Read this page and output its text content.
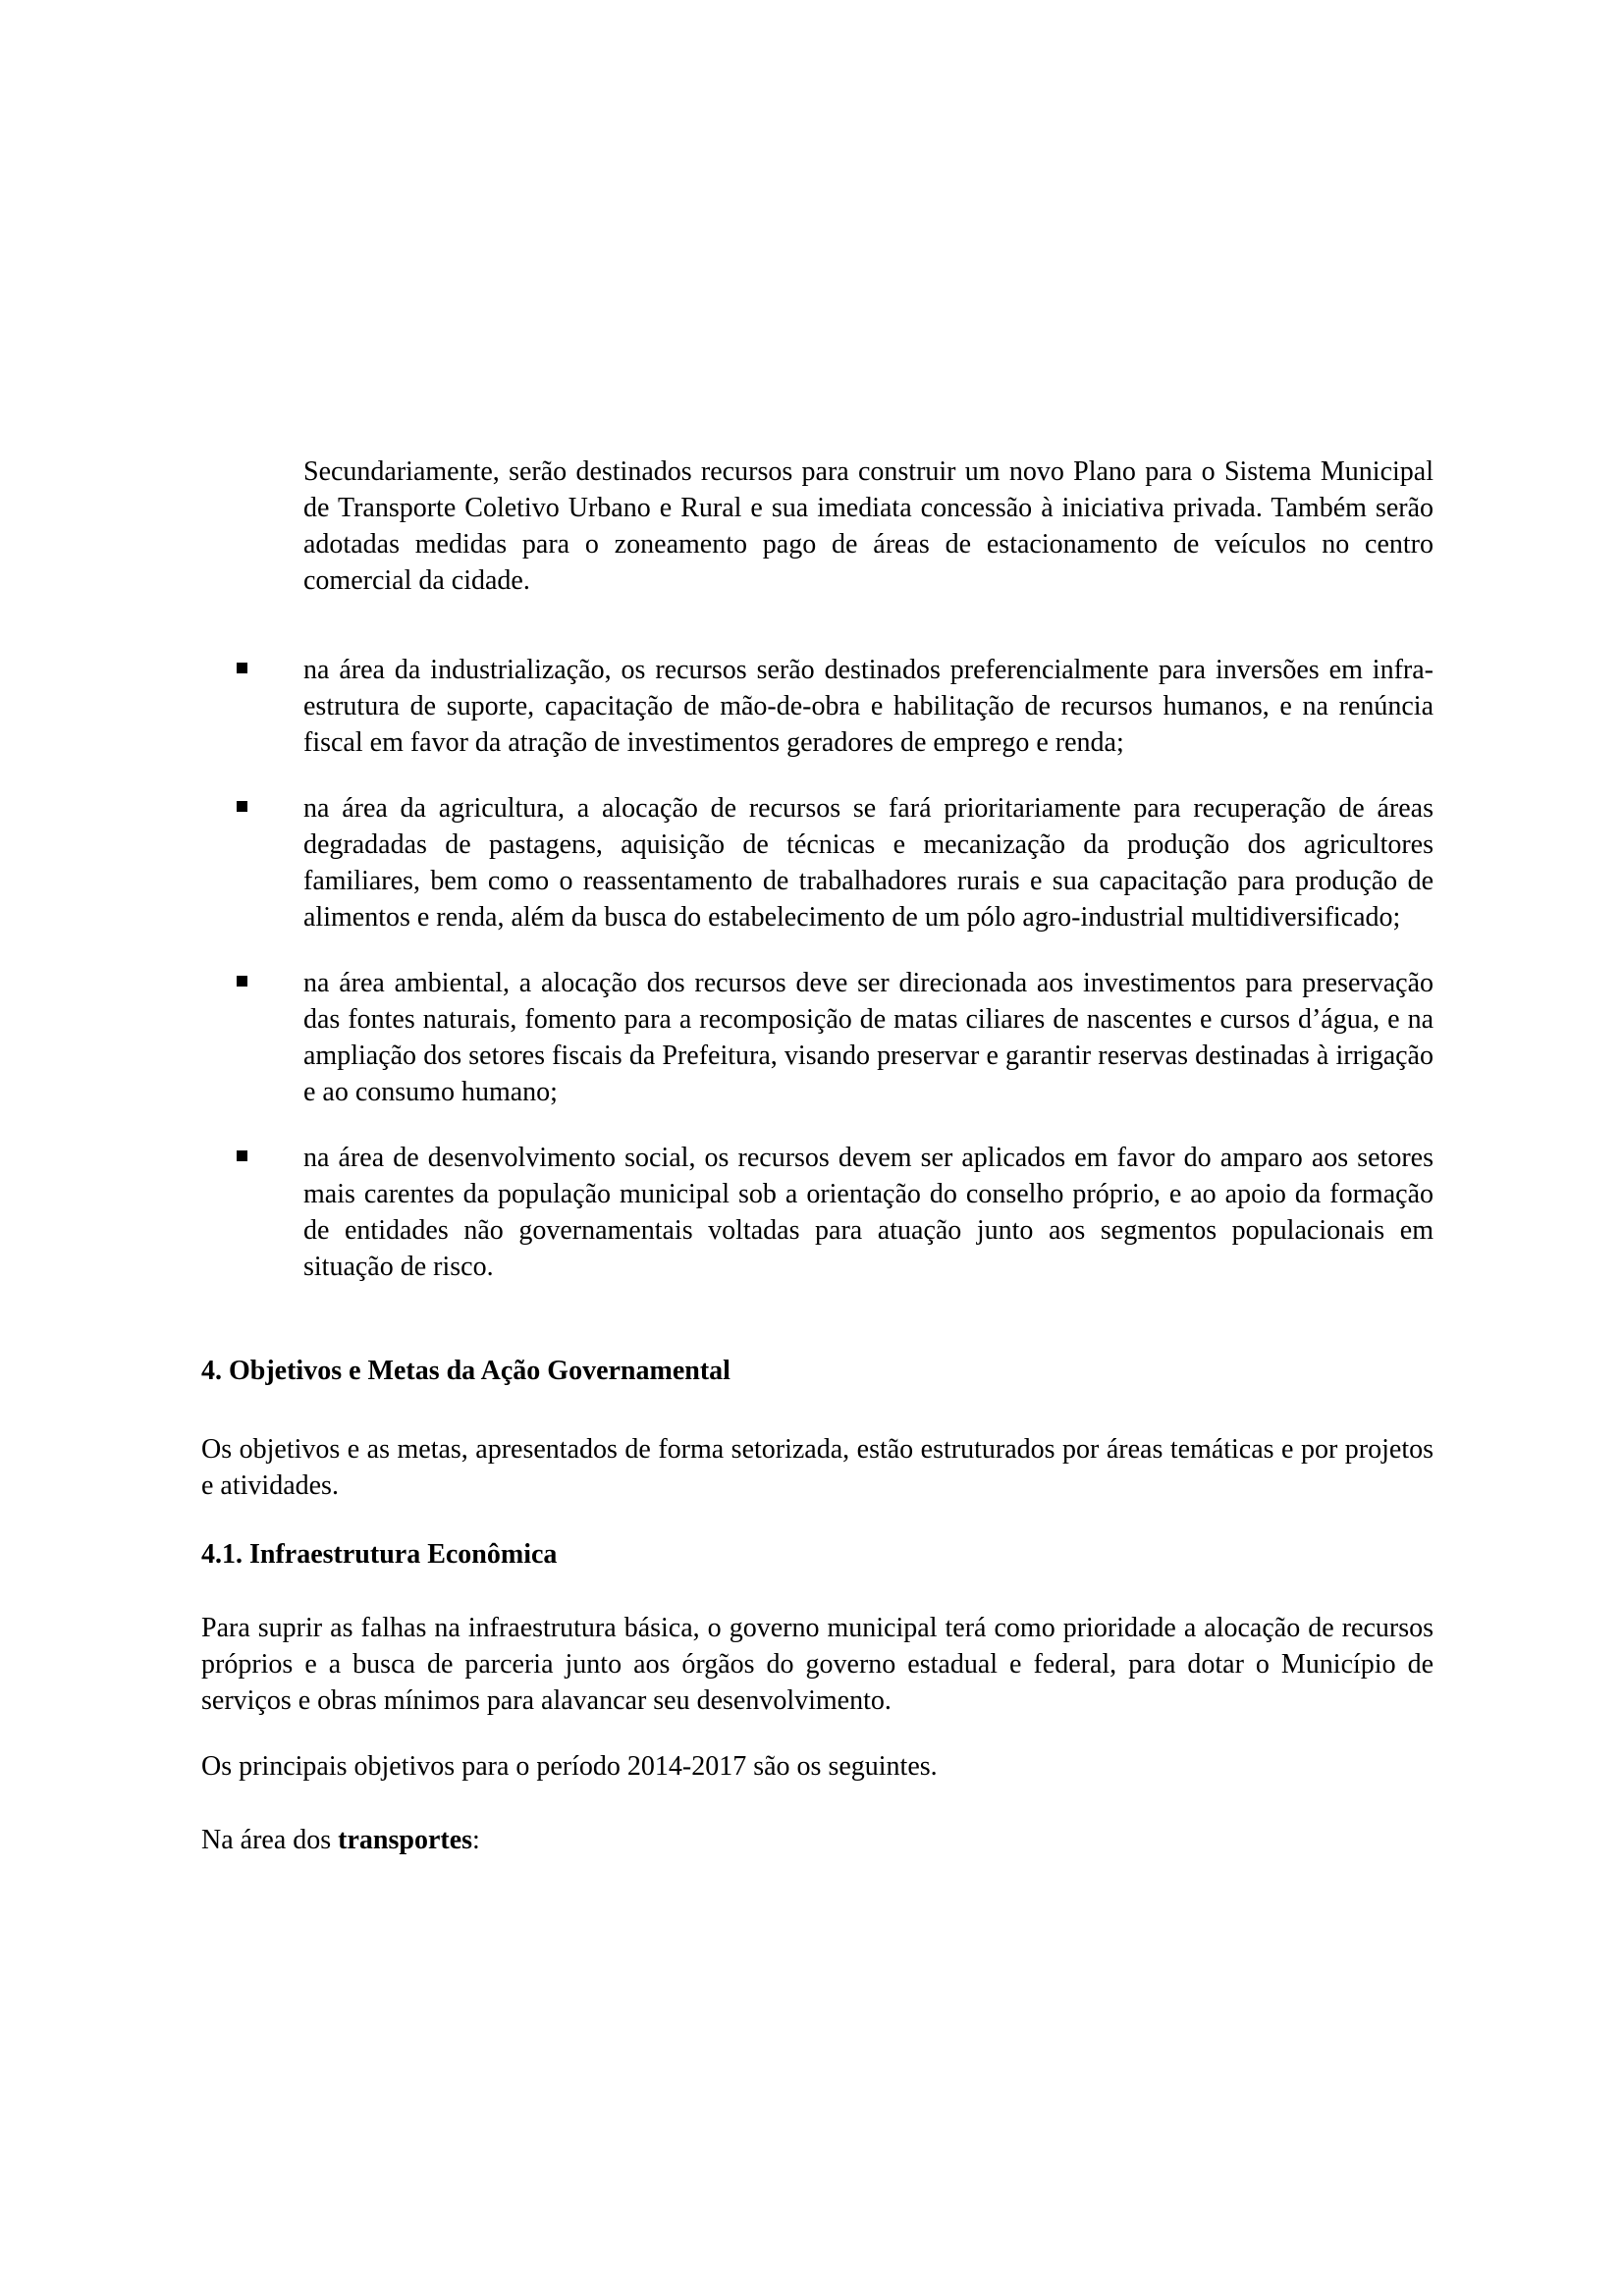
Secundariamente, serão destinados recursos para construir um novo Plano para o Sistema Municipal de Transporte Coletivo Urbano e Rural e sua imediata concessão à iniciativa privada. Também serão adotadas medidas para o zoneamento pago de áreas de estacionamento de veículos no centro comercial da cidade.

na área da industrialização, os recursos serão destinados preferencialmente para inversões em infra-estrutura de suporte, capacitação de mão-de-obra e habilitação de recursos humanos, e na renúncia fiscal em favor da atração de investimentos geradores de emprego e renda;
na área da agricultura, a alocação de recursos se fará prioritariamente para recuperação de áreas degradadas de pastagens, aquisição de técnicas e mecanização da produção dos agricultores familiares, bem como o reassentamento de trabalhadores rurais e sua capacitação para produção de alimentos e renda, além da busca do estabelecimento de um pólo agro-industrial multidiversificado;
na área ambiental, a alocação dos recursos deve ser direcionada aos investimentos para preservação das fontes naturais, fomento para a recomposição de matas ciliares de nascentes e cursos d’água, e na ampliação dos setores fiscais da Prefeitura, visando preservar e garantir reservas destinadas à irrigação e ao consumo humano;
na área de desenvolvimento social, os recursos devem ser aplicados em favor do amparo aos setores mais carentes da população municipal sob a orientação do conselho próprio, e ao apoio da formação de entidades não governamentais voltadas para atuação junto aos segmentos populacionais em situação de risco.
4. Objetivos e Metas da Ação Governamental

Os objetivos e as metas, apresentados de forma setorizada, estão estruturados por áreas temáticas e por projetos e atividades.

4.1. Infraestrutura Econômica

Para suprir as falhas na infraestrutura básica, o governo municipal terá como prioridade a alocação de recursos próprios e a busca de parceria junto aos órgãos do governo estadual e federal, para dotar o Município de serviços e obras mínimos para alavancar seu desenvolvimento.

Os principais objetivos para o período 2014-2017 são os seguintes.

Na área dos transportes:
